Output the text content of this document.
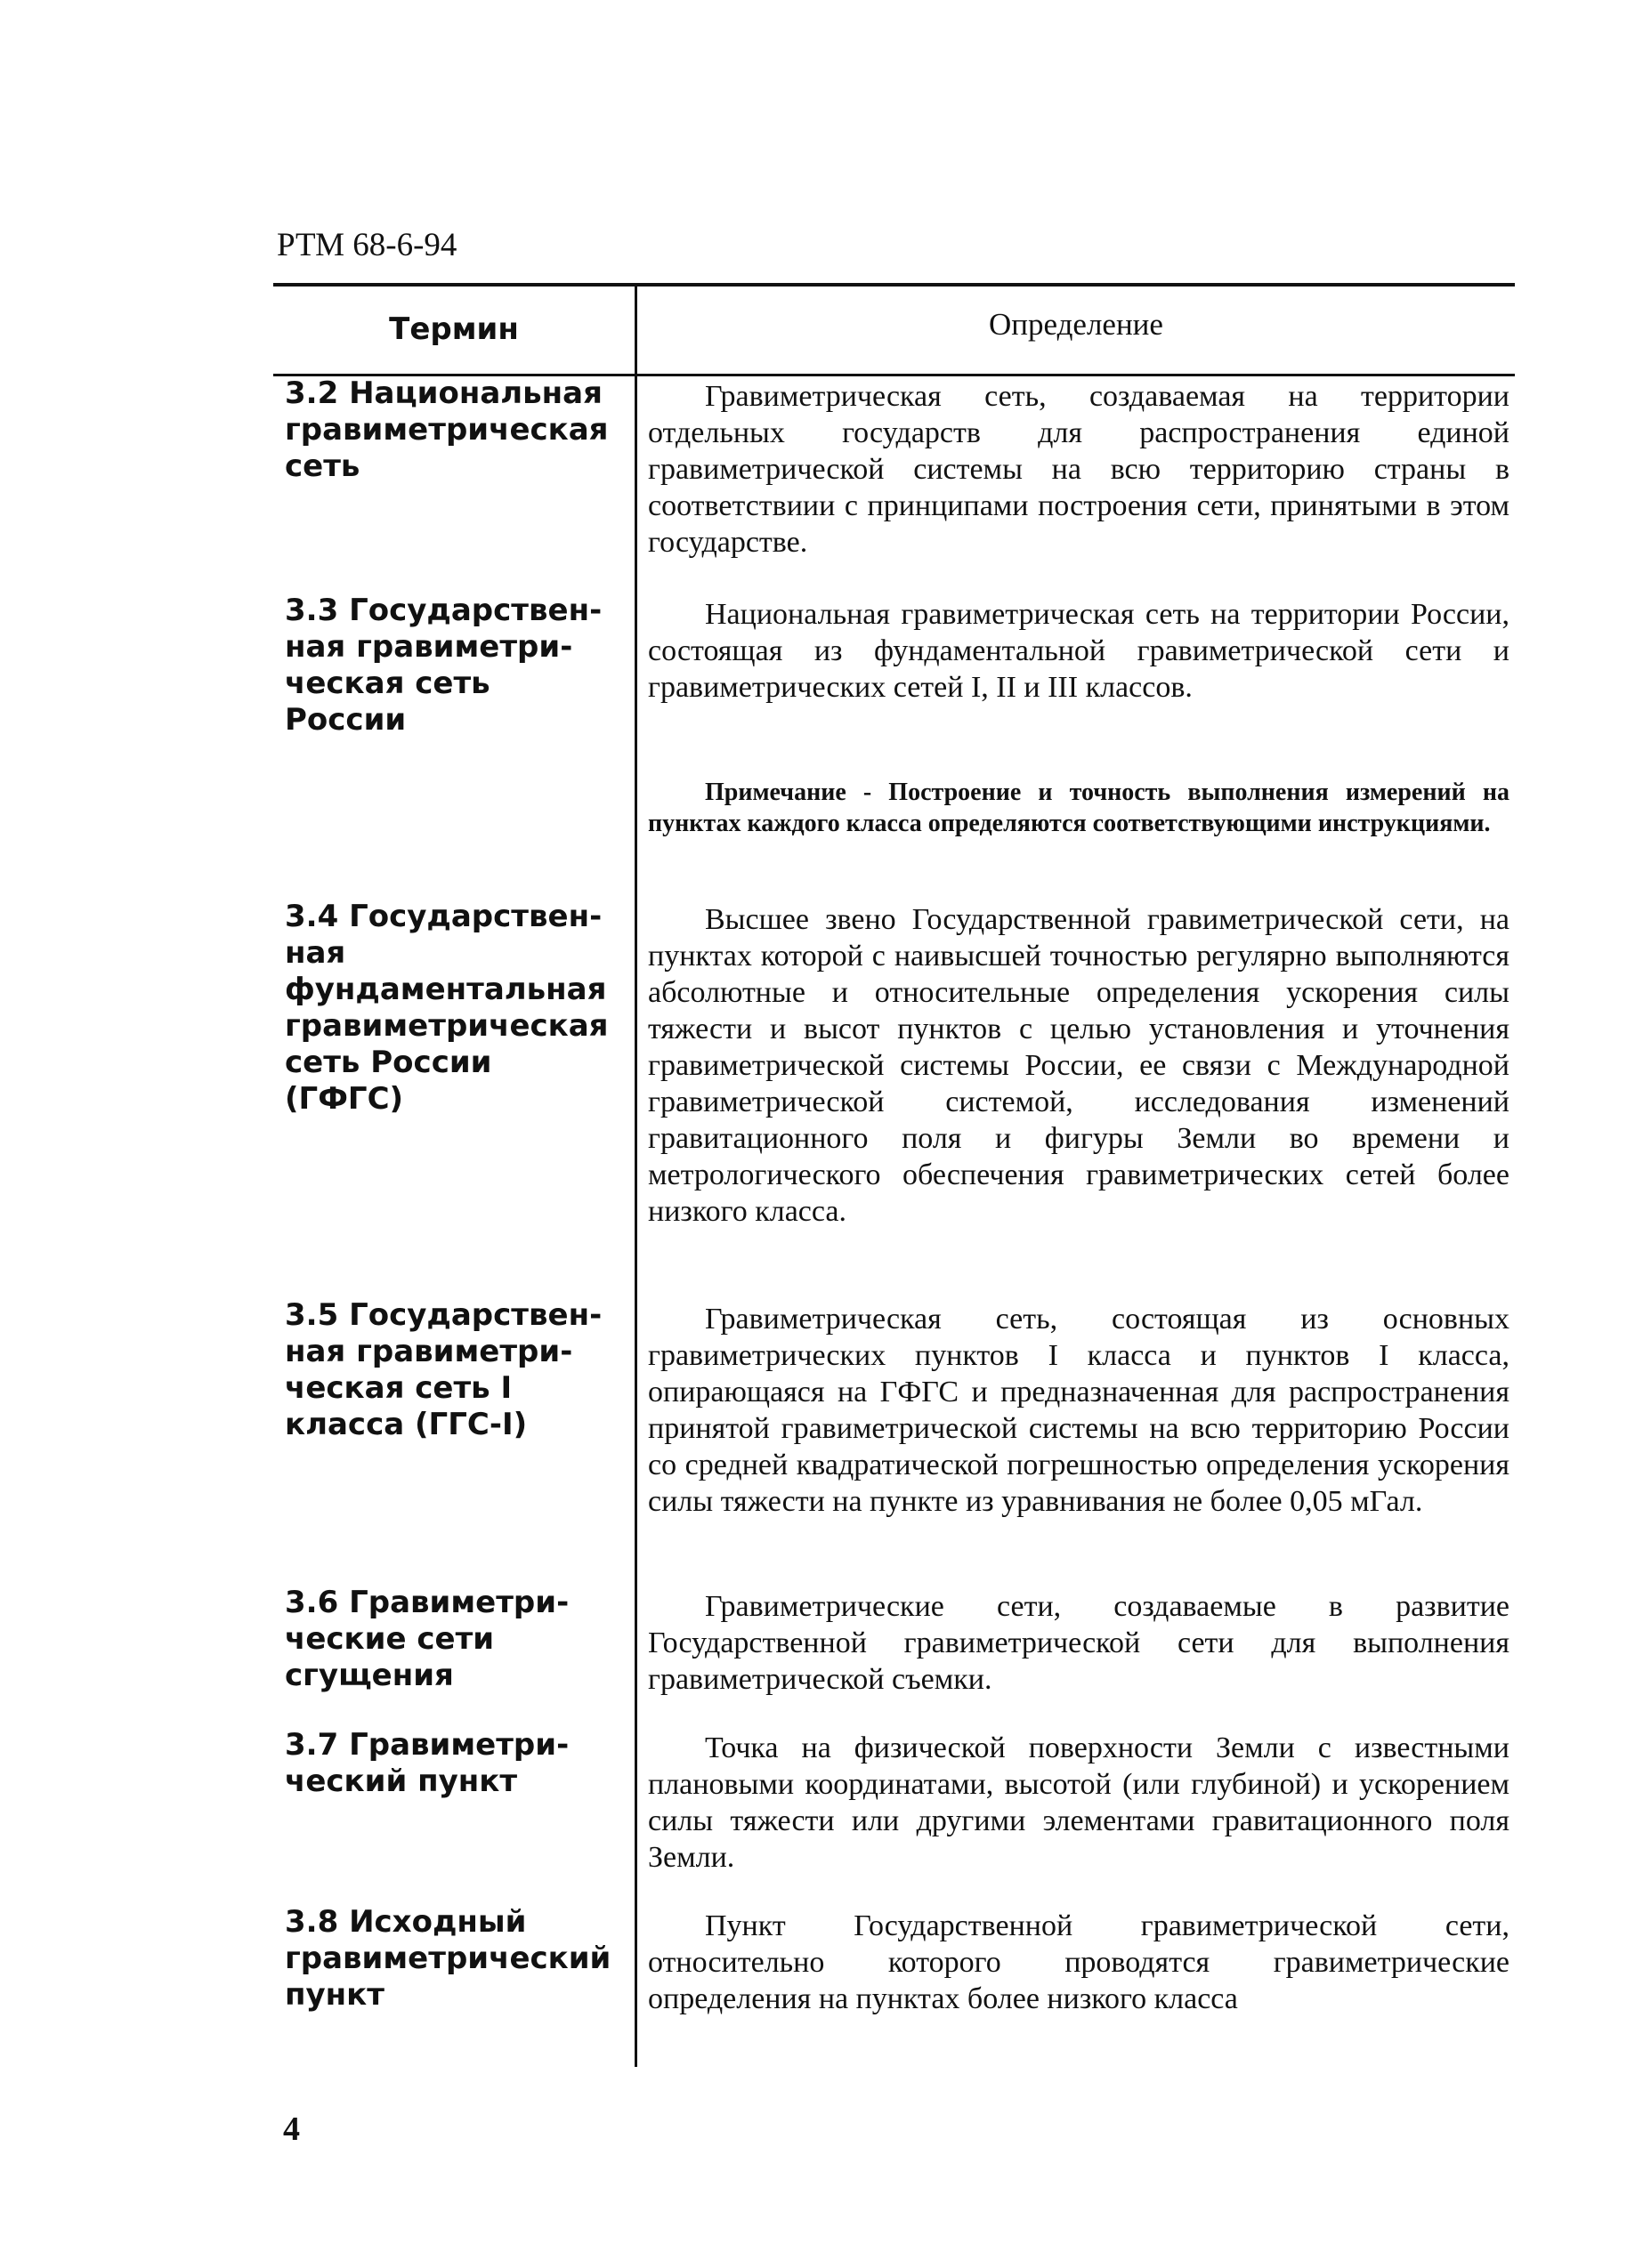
РТМ 68-6-94
Термин	Определение
3.2 Национальная
гравиметрическая
сеть
Гравиметрическая сеть, создаваемая на территории отдельных государств для распространения единой гравиметрической системы на всю территорию страны в соответствиии с принципами построения сети, принятыми в этом государстве.
3.3 Государствен-
ная гравиметри-
ческая сеть
России
Национальная гравиметрическая сеть на территории России, состоящая из фундаментальной гравиметрической сети и гравиметрических сетей I, II и III классов.
Примечание - Построение и точность выполнения измерений на пунктах каждого класса определяются соответствующими инструкциями.
3.4 Государствен-
ная
фундаментальная
гравиметрическая
сеть России
(ГФГС)
Высшее звено Государственной гравиметрической сети, на пунктах которой с наивысшей точностью регулярно выполняются абсолютные и относительные определения ускорения силы тяжести и высот пунктов с целью установления и уточнения гравиметрической системы России, ее связи с Международной гравиметрической системой, исследования изменений гравитационного поля и фигуры Земли во времени и метрологического обеспечения гравиметрических сетей более низкого класса.
3.5 Государствен-
ная гравиметри-
ческая сеть I
класса (ГГС-I)
Гравиметрическая сеть, состоящая из основных гравиметрических пунктов I класса и пунктов I класса, опирающаяся на ГФГС и предназначенная для распространения принятой гравиметрической системы на всю территорию России со средней квадратической погрешностью определения ускорения силы тяжести на пункте из уравнивания не более 0,05 мГал.
3.6 Гравиметри-
ческие сети
сгущения
Гравиметрические сети, создаваемые в развитие Государственной гравиметрической сети для выполнения гравиметрической съемки.
3.7 Гравиметри-
ческий пункт
Точка на физической поверхности Земли с известными плановыми координатами, высотой (или глубиной) и ускорением силы тяжести или другими элементами гравитационного поля Земли.
3.8 Исходный
гравиметрический
пункт
Пункт Государственной гравиметрической сети, относительно которого проводятся гравиметрические определения на пунктах более низкого класса
4
